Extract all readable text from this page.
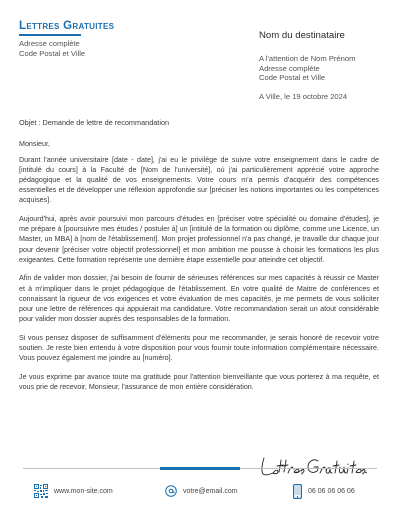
Lettres Gratuites
Adresse complète
Code Postal et Ville
Nom du destinataire
A l'attention de Nom Prénom
Adresse complète
Code Postal et Ville
A Ville, le 19 octobre 2024
Objet : Demande de lettre de recommandation

Monsieur,

Durant l'année universitaire [date - date], j'ai eu le privilège de suivre votre enseignement dans le cadre de [intitulé du cours] à la Faculté de [Nom de l'université], où j'ai particulièrement apprécié votre approche pédagogique et la qualité de vos enseignements. Votre cours m'a permis d'acquérir des compétences essentielles et de développer une réflexion approfondie sur [préciser les notions importantes ou les compétences acquises].

Aujourd'hui, après avoir poursuivi mon parcours d'études en [préciser votre spécialité ou domaine d'études], je me prépare à [poursuivre mes études / postuler à] un [intitulé de la formation ou diplôme, comme une Licence, un Master, un MBA] à [nom de l'établissement]. Mon projet professionnel n'a pas changé, je travaille dur chaque jour pour devenir [préciser votre objectif professionnel] et mon ambition me pousse à choisir les formations les plus exigeantes. Cette formation représente une dernière étape essentielle pour atteindre cet objectif.

Afin de valider mon dossier, j'ai besoin de fournir de sérieuses références sur mes capacités à réussir ce Master et à m'impliquer dans le projet pédagogique de l'établissement. En votre qualité de Maitre de conférences et connaissant la rigueur de vos exigences et votre évaluation de mes capacités, je me permets de vous solliciter pour une lettre de références qui appuierait ma candidature. Votre recommandation serait un atout considérable pour valider mon dossier auprès des responsables de la formation.

Si vous pensez disposer de suffisamment d'éléments pour me recommander, je serais honoré de recevoir votre soutien. Je reste bien entendu à votre disposition pour vous fournir toute information complémentaire nécessaire. Vous pouvez également me joindre au [numéro].

Je vous exprime par avance toute ma gratitude pour l'attention bienveillante que vous porterez à ma requête, et vous prie de recevoir, Monsieur, l'assurance de mon entière considération.

www.mon-site.com	votre@email.com	06 06 06 06 06
